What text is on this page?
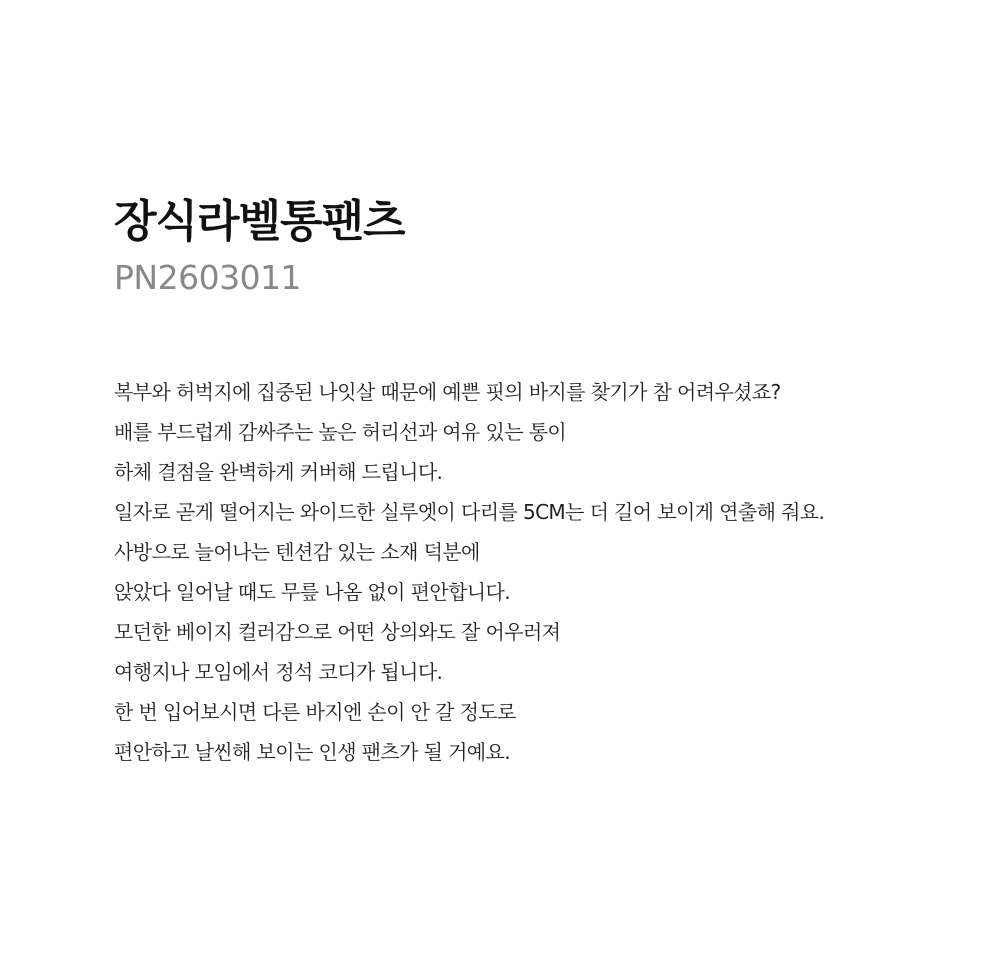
장식라벨통팬츠

PN2603011

복부와 허벅지에 집중된 나잇살 때문에 예쁜 핏의 바지를 찾기가 참 어려우셨죠?
배를 부드럽게 감싸주는 높은 허리선과 여유 있는 통이
하체 결점을 완벽하게 커버해 드립니다.
일자로 곧게 떨어지는 와이드한 실루엣이 다리를 5CM는 더 길어 보이게 연출해 줘요.
사방으로 늘어나는 텐션감 있는 소재 덕분에
앉았다 일어날 때도 무릎 나옴 없이 편안합니다.
모던한 베이지 컬러감으로 어떤 상의와도 잘 어우러져
여행지나 모임에서 정석 코디가 됩니다.
한 번 입어보시면 다른 바지엔 손이 안 갈 정도로
편안하고 날씬해 보이는 인생 팬츠가 될 거예요.
